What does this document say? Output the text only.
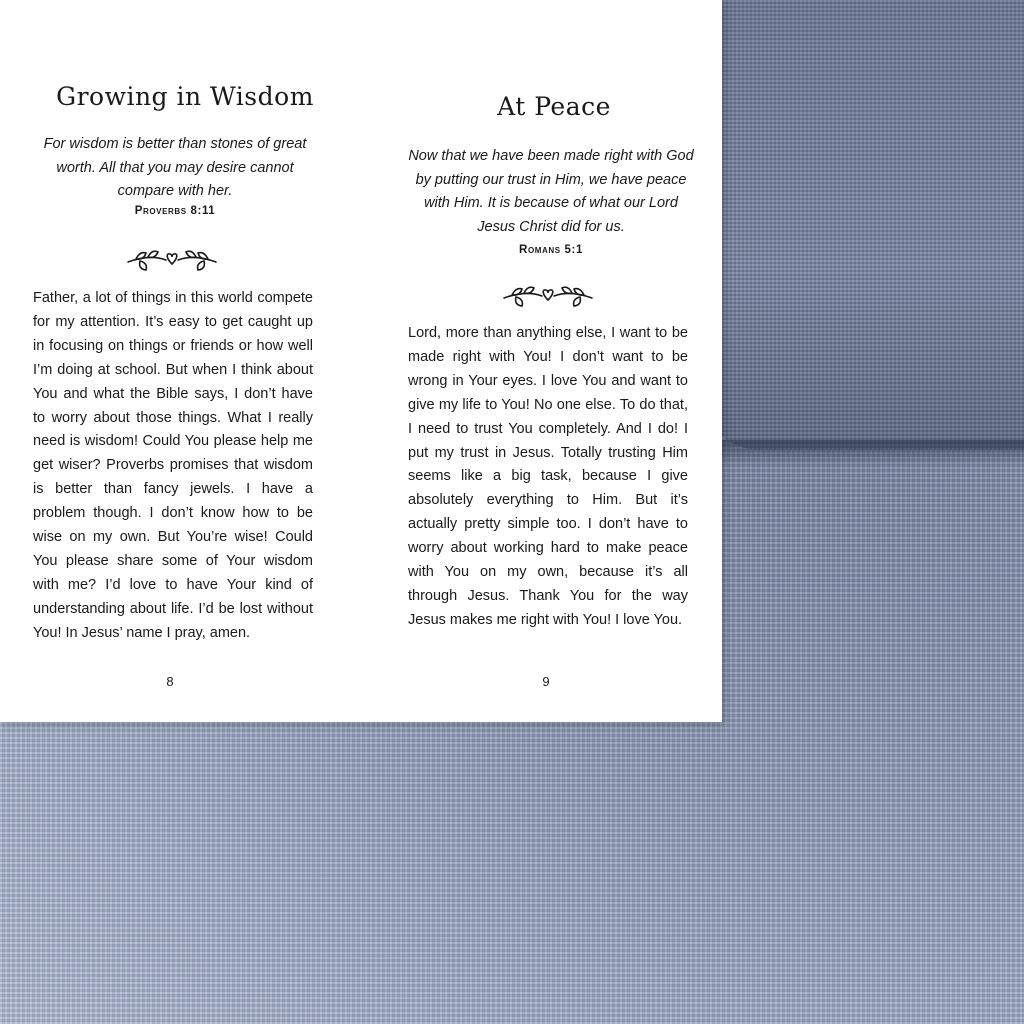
Growing in Wisdom
For wisdom is better than stones of great worth. All that you may desire cannot compare with her.
Proverbs 8:11
Father, a lot of things in this world compete for my attention. It’s easy to get caught up in focusing on things or friends or how well I’m doing at school. But when I think about You and what the Bible says, I don’t have to worry about those things. What I really need is wisdom! Could You please help me get wiser? Proverbs promises that wisdom is better than fancy jewels. I have a problem though. I don’t know how to be wise on my own. But You’re wise! Could You please share some of Your wisdom with me? I’d love to have Your kind of understanding about life. I’d be lost without You! In Jesus’ name I pray, amen.
8
At Peace
Now that we have been made right with God by putting our trust in Him, we have peace with Him. It is because of what our Lord Jesus Christ did for us.
Romans 5:1
Lord, more than anything else, I want to be made right with You! I don’t want to be wrong in Your eyes. I love You and want to give my life to You! No one else. To do that, I need to trust You completely. And I do! I put my trust in Jesus. Totally trusting Him seems like a big task, because I give absolutely everything to Him. But it’s actually pretty simple too. I don’t have to worry about working hard to make peace with You on my own, because it’s all through Jesus. Thank You for the way Jesus makes me right with You! I love You.
9
